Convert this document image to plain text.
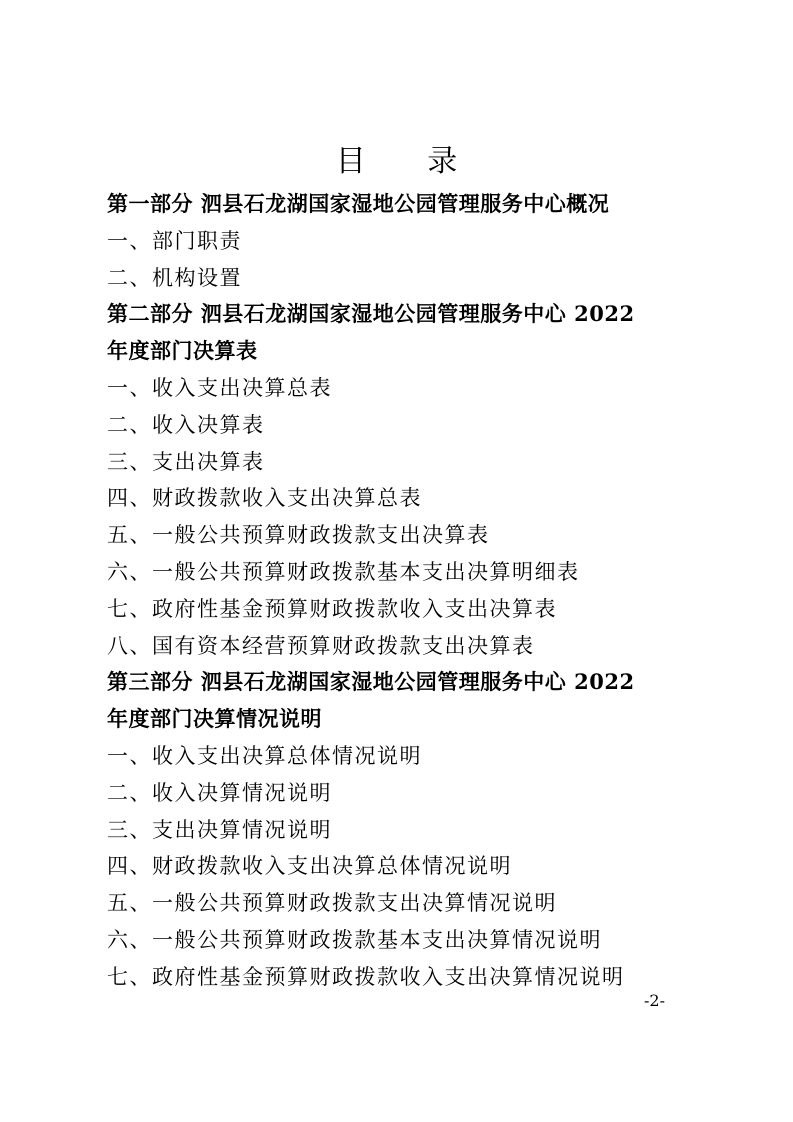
目 录
第一部分 泗县石龙湖国家湿地公园管理服务中心概况
一、部门职责
二、机构设置
第二部分 泗县石龙湖国家湿地公园管理服务中心 2022
年度部门决算表
一、收入支出决算总表
二、收入决算表
三、支出决算表
四、财政拨款收入支出决算总表
五、一般公共预算财政拨款支出决算表
六、一般公共预算财政拨款基本支出决算明细表
七、政府性基金预算财政拨款收入支出决算表
八、国有资本经营预算财政拨款支出决算表
第三部分 泗县石龙湖国家湿地公园管理服务中心 2022
年度部门决算情况说明
一、收入支出决算总体情况说明
二、收入决算情况说明
三、支出决算情况说明
四、财政拨款收入支出决算总体情况说明
五、一般公共预算财政拨款支出决算情况说明
六、一般公共预算财政拨款基本支出决算情况说明
七、政府性基金预算财政拨款收入支出决算情况说明
-2-
